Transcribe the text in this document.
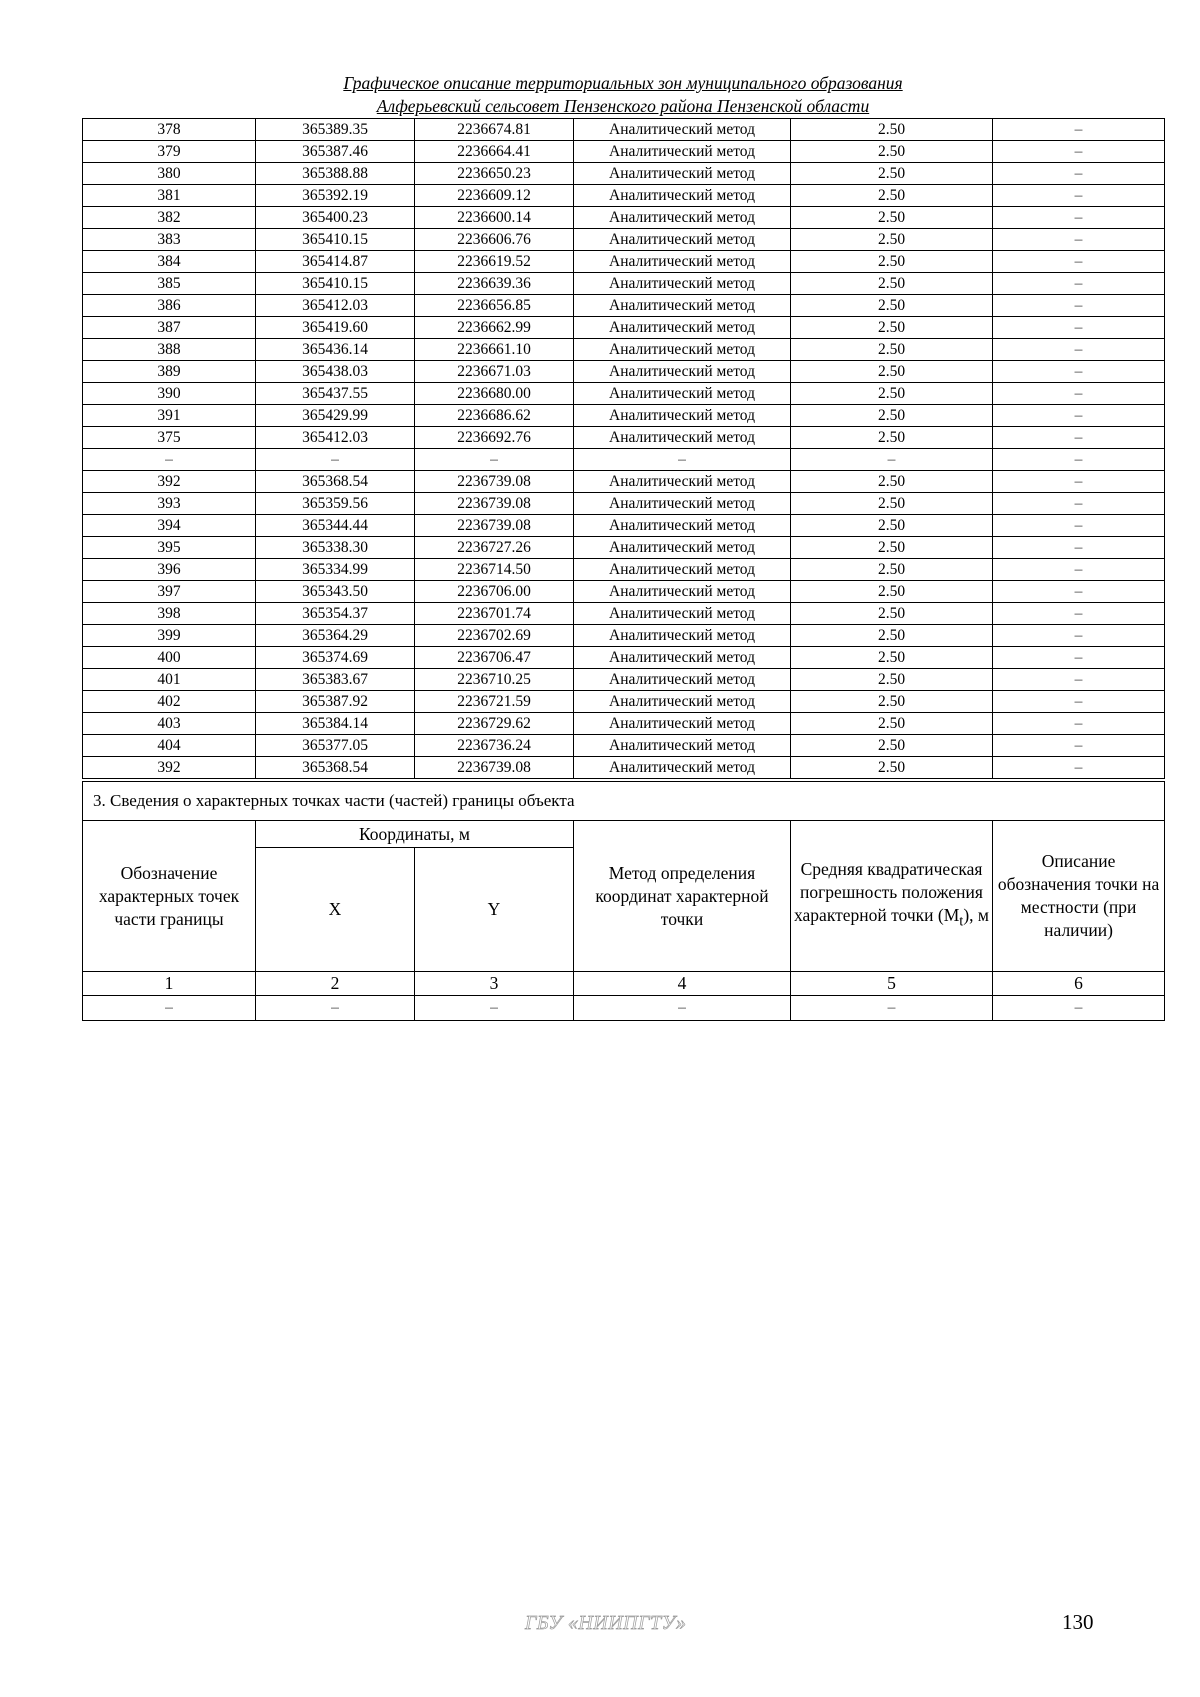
Графическое описание территориальных зон муниципального образования
Алферьевский сельсовет Пензенского района Пензенской области
378	365389.35	2236674.81	Аналитический метод	2.50	–
379	365387.46	2236664.41	Аналитический метод	2.50	–
380	365388.88	2236650.23	Аналитический метод	2.50	–
381	365392.19	2236609.12	Аналитический метод	2.50	–
382	365400.23	2236600.14	Аналитический метод	2.50	–
383	365410.15	2236606.76	Аналитический метод	2.50	–
384	365414.87	2236619.52	Аналитический метод	2.50	–
385	365410.15	2236639.36	Аналитический метод	2.50	–
386	365412.03	2236656.85	Аналитический метод	2.50	–
387	365419.60	2236662.99	Аналитический метод	2.50	–
388	365436.14	2236661.10	Аналитический метод	2.50	–
389	365438.03	2236671.03	Аналитический метод	2.50	–
390	365437.55	2236680.00	Аналитический метод	2.50	–
391	365429.99	2236686.62	Аналитический метод	2.50	–
375	365412.03	2236692.76	Аналитический метод	2.50	–
–	–	–	–	–	–
392	365368.54	2236739.08	Аналитический метод	2.50	–
393	365359.56	2236739.08	Аналитический метод	2.50	–
394	365344.44	2236739.08	Аналитический метод	2.50	–
395	365338.30	2236727.26	Аналитический метод	2.50	–
396	365334.99	2236714.50	Аналитический метод	2.50	–
397	365343.50	2236706.00	Аналитический метод	2.50	–
398	365354.37	2236701.74	Аналитический метод	2.50	–
399	365364.29	2236702.69	Аналитический метод	2.50	–
400	365374.69	2236706.47	Аналитический метод	2.50	–
401	365383.67	2236710.25	Аналитический метод	2.50	–
402	365387.92	2236721.59	Аналитический метод	2.50	–
403	365384.14	2236729.62	Аналитический метод	2.50	–
404	365377.05	2236736.24	Аналитический метод	2.50	–
392	365368.54	2236739.08	Аналитический метод	2.50	–
3. Сведения о характерных точках части (частей) границы объекта					
Обозначение характерных точек части границы	Координаты, м		Метод определения координат характерной точки	Средняя квадратическая погрешность положения характерной точки $(M_t)$, м	Описание обозначения точки на местности (при наличии)
	X	Y			
1	2	3	4	5	6
–	–	–	–	–	–
ГБУ «НИИПГТУ»	130
